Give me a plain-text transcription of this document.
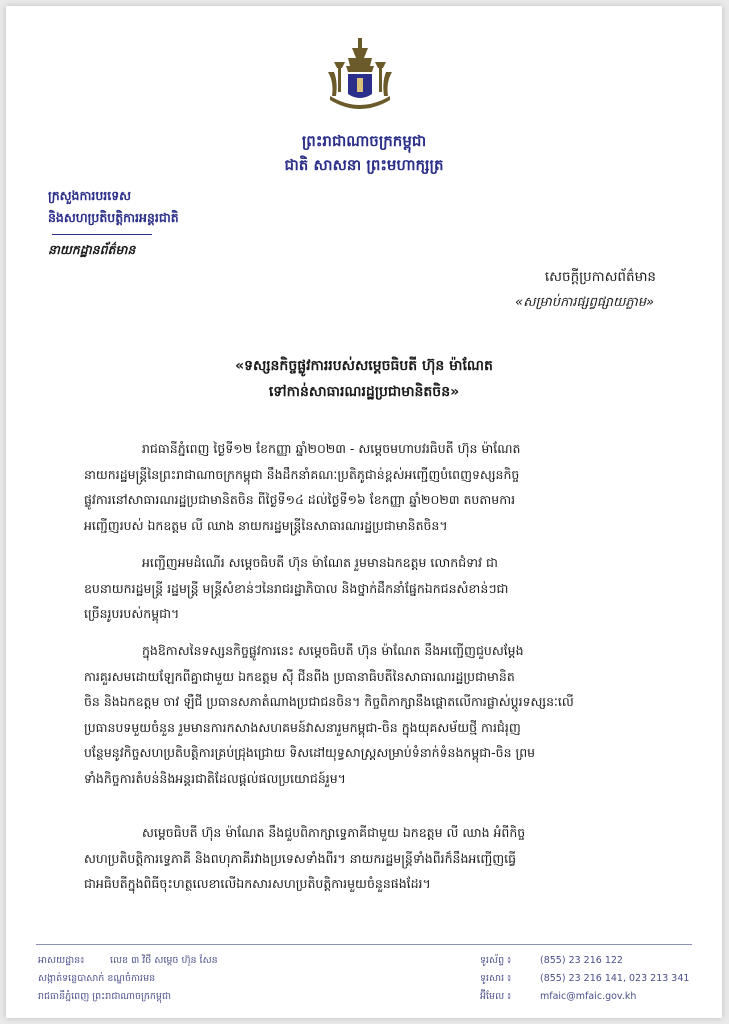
ព្រះរាជាណាចក្រកម្ពុជា

ជាតិ សាសនា ព្រះមហាក្សត្រ

ក្រសួងការបរទេស

និងសហប្រតិបត្តិការអន្តរជាតិ

នាយកដ្ឋានព័ត៌មាន

សេចក្តីប្រកាសព័ត៌មាន

«សម្រាប់ការផ្សព្វផ្សាយភ្លាម»

«ទស្សនកិច្ចផ្លូវការរបស់សម្តេចធិបតី ហ៊ុន ម៉ាណែត

ទៅកាន់សាធារណរដ្ឋប្រជាមានិតចិន»

រាជធានីភ្នំពេញ ថ្ងៃទី១២ ខែកញ្ញា ឆ្នាំ២០២៣ - សម្តេចមហាបវរធិបតី ហ៊ុន ម៉ាណែត
នាយករដ្ឋមន្ត្រីនៃព្រះរាជាណាចក្រកម្ពុជា នឹងដឹកនាំគណៈប្រតិភូជាន់ខ្ពស់អញ្ជើញបំពេញទស្សនកិច្ច
ផ្លូវការនៅសាធារណរដ្ឋប្រជាមានិតចិន ពីថ្ងៃទី១៤ ដល់ថ្ងៃទី១៦ ខែកញ្ញា ឆ្នាំ២០២៣ តបតាមការ
អញ្ជើញរបស់ ឯកឧត្តម លី ឈាង នាយករដ្ឋមន្ត្រីនៃសាធារណរដ្ឋប្រជាមានិតចិន។
អញ្ជើញអមដំណើរ សម្តេចធិបតី ហ៊ុន ម៉ាណែត រួមមានឯកឧត្តម លោកជំទាវ ជា
ឧបនាយករដ្ឋមន្ត្រី រដ្ឋមន្ត្រី មន្ត្រីសំខាន់ៗនៃរាជរដ្ឋាភិបាល និងថ្នាក់ដឹកនាំផ្នែកឯកជនសំខាន់ៗជា
ច្រើនរូបរបស់កម្ពុជា។
ក្នុងឱកាសនៃទស្សនកិច្ចផ្លូវការនេះ សម្តេចធិបតី ហ៊ុន ម៉ាណែត នឹងអញ្ជើញជួបសម្តែង
ការគួរសមដោយឡែកពីគ្នាជាមួយ ឯកឧត្តម ស៊ី ជីនពីង ប្រធានាធិបតីនៃសាធារណរដ្ឋប្រជាមានិត
ចិន និងឯកឧត្តម ចាវ ឡឺជី ប្រធានសភាតំណាងប្រជាជនចិន។ កិច្ចពិភាក្សានឹងផ្តោតលើការផ្លាស់ប្តូរទស្សនៈលើ
ប្រធានបទមួយចំនួន រួមមានការកសាងសហគមន៍វាសនារួមកម្ពុជា-ចិន ក្នុងយុគសម័យថ្មី ការជំរុញ
បន្ថែមនូវកិច្ចសហប្រតិបត្តិការគ្រប់ជ្រុងជ្រោយ ទិសដៅយុទ្ធសាស្ត្រសម្រាប់ទំនាក់ទំនងកម្ពុជា-ចិន ព្រម
ទាំងកិច្ចការតំបន់និងអន្តរជាតិដែលផ្តល់ផលប្រយោជន៍រួម។
សម្តេចធិបតី ហ៊ុន ម៉ាណែត នឹងជួបពិភាក្សាទ្វេភាគីជាមួយ ឯកឧត្តម លី ឈាង អំពីកិច្ច
សហប្រតិបត្តិការទ្វេភាគី និងពហុភាគីរវាងប្រទេសទាំងពីរ។ នាយករដ្ឋមន្ត្រីទាំងពីរក៏នឹងអញ្ជើញធ្វើ
ជាអធិបតីក្នុងពិធីចុះហត្ថលេខាលើឯកសារសហប្រតិបត្តិការមួយចំនួនផងដែរ។
អាសយដ្ឋាន៖	លេខ ៣ វិថី សម្តេច ហ៊ុន សែន
សង្កាត់ទន្លេបាសាក់ ខណ្ឌចំការមន
រាជធានីភ្នំពេញ ព្រះរាជាណាចក្រកម្ពុជា
ទូរស័ព្ទ ៖	(855) 23 216 122
ទូរសារ ៖	(855) 23 216 141, 023 213 341
អ៊ីមែល ៖	mfaic@mfaic.gov.kh
